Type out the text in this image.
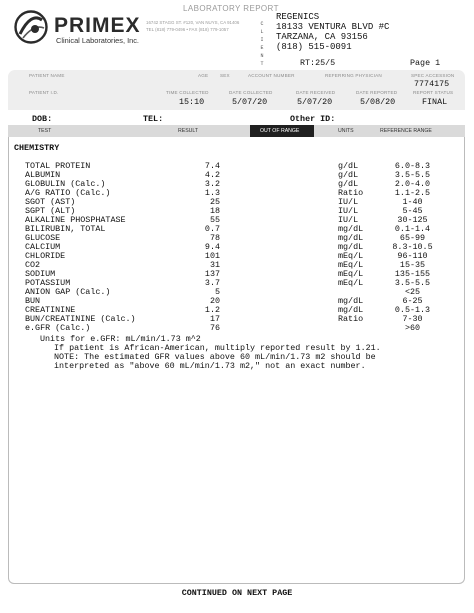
LABORATORY REPORT
PRIMEX
Clinical Laboratories, Inc.
16742 STAGG ST. #120, VAN NUYS, CA 91406
TEL (818) 779-0496 • FAX (818) 779-1057
C
L
I
E
N
T
REGENICS
18133 VENTURA BLVD #C
TARZANA, CA 93156
(818) 515-0091
RT:25/5	Page 1
PATIENT NAME	AGE	SEX	ACCOUNT NUMBER	REFERRING PHYSICIAN	SPEC ACCESSION
7774175
PATIENT I.D.	TIME COLLECTED	DATE COLLECTED	DATE RECEIVED	DATE REPORTED	REPORT STATUS
15:10	5/07/20	5/07/20	5/08/20	FINAL
DOB:	TEL:	Other ID:
TEST	RESULT	OUT OF RANGE	UNITS	REFERENCE RANGE
CHEMISTRY
TOTAL PROTEIN	7.4	g/dL	6.0-8.3
ALBUMIN	4.2	g/dL	3.5-5.5
GLOBULIN (Calc.)	3.2	g/dL	2.0-4.0
A/G RATIO (Calc.)	1.3	Ratio	1.1-2.5
SGOT (AST)	25	IU/L	1-40
SGPT (ALT)	18	IU/L	5-45
ALKALINE PHOSPHATASE	55	IU/L	30-125
BILIRUBIN, TOTAL	0.7	mg/dL	0.1-1.4
GLUCOSE	78	mg/dL	65-99
CALCIUM	9.4	mg/dL	8.3-10.5
CHLORIDE	101	mEq/L	96-110
CO2	31	mEq/L	15-35
SODIUM	137	mEq/L	135-155
POTASSIUM	3.7	mEq/L	3.5-5.5
ANION GAP (Calc.)	5	<25
BUN	20	mg/dL	6-25
CREATININE	1.2	mg/dL	0.5-1.3
BUN/CREATININE (Calc.)	17	Ratio	7-30
e.GFR (Calc.)	76	>60
Units for e.GFR: mL/min/1.73 m^2
If patient is African-American, multiply reported result by 1.21.
NOTE: The estimated GFR values above 60 mL/min/1.73 m2 should be
interpreted as "above 60 mL/min/1.73 m2," not an exact number.
CONTINUED ON NEXT PAGE
